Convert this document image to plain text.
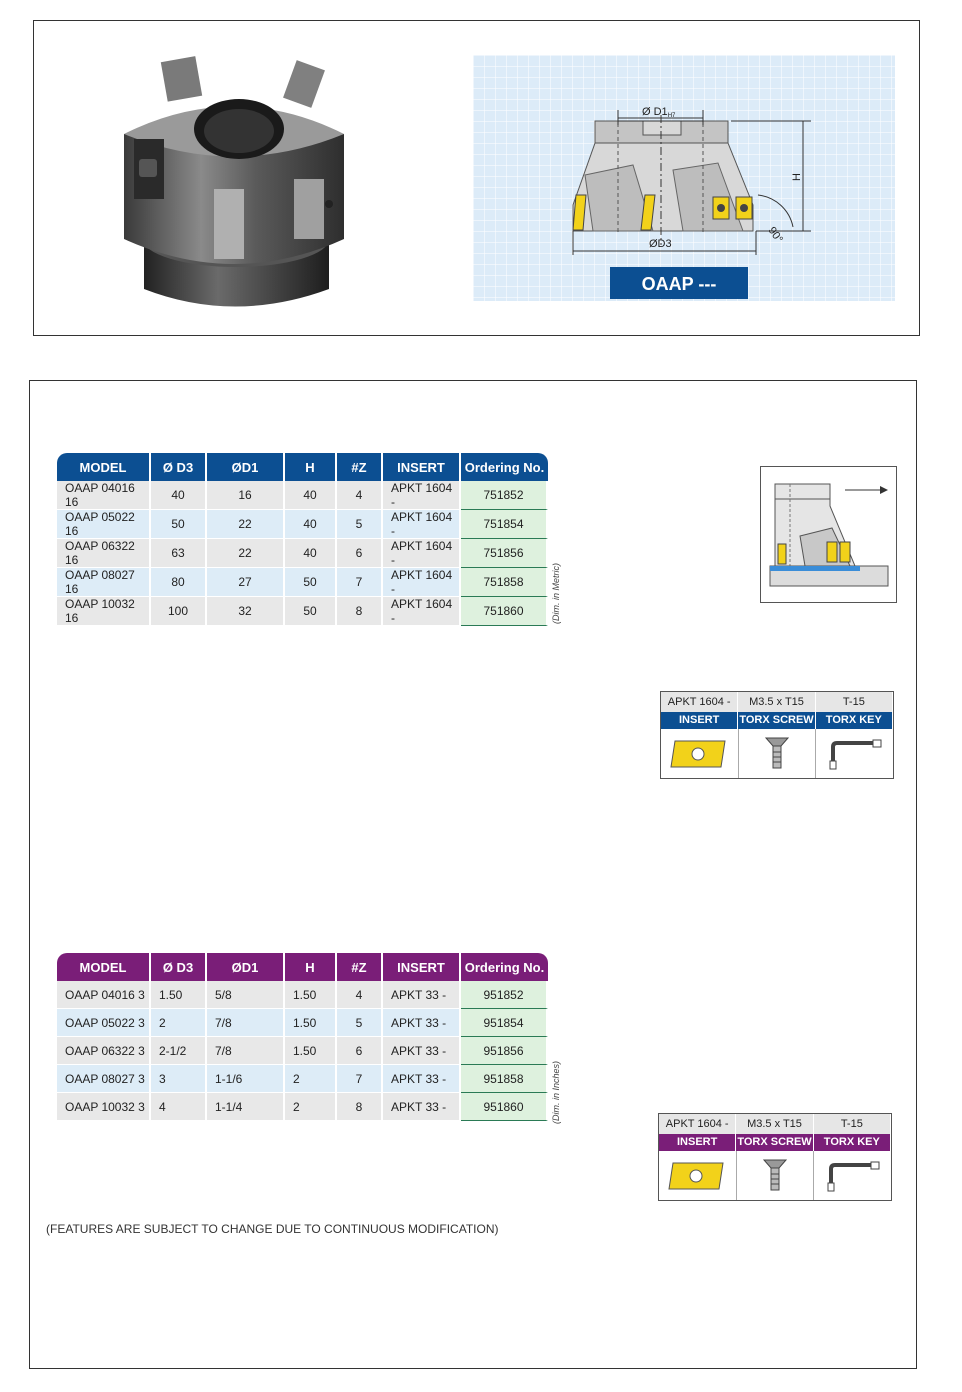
Ø D1H7
H
90°
ØD3
OAAP ---
MODEL	Ø D3	ØD1	H	#Z	INSERT	Ordering No.
OAAP 04016 16	40	16	40	4	APKT 1604 -	751852
OAAP 05022 16	50	22	40	5	APKT 1604 -	751854
OAAP 06322 16	63	22	40	6	APKT 1604 -	751856
OAAP 08027 16	80	27	50	7	APKT 1604 -	751858
OAAP 10032 16	100	32	50	8	APKT 1604 -	751860	(Dim. in Metric)
MODEL	Ø D3	ØD1	H	#Z	INSERT	Ordering No.
OAAP 04016 3	1.50	5/8	1.50	4	APKT 33 -	951852
OAAP 05022 3	2	7/8	1.50	5	APKT 33 -	951854
OAAP 06322 3	2-1/2	7/8	1.50	6	APKT 33 -	951856
OAAP 08027 3	3	1-1/6	2	7	APKT 33 -	951858
OAAP 10032 3	4	1-1/4	2	8	APKT 33 -	951860	(Dim. in Inches)
APKT 1604 -	M3.5 x T15	T-15
INSERT	TORX SCREW	TORX KEY
APKT 1604 -	M3.5 x T15	T-15
INSERT	TORX SCREW	TORX KEY
(FEATURES ARE SUBJECT TO CHANGE DUE TO CONTINUOUS MODIFICATION)
